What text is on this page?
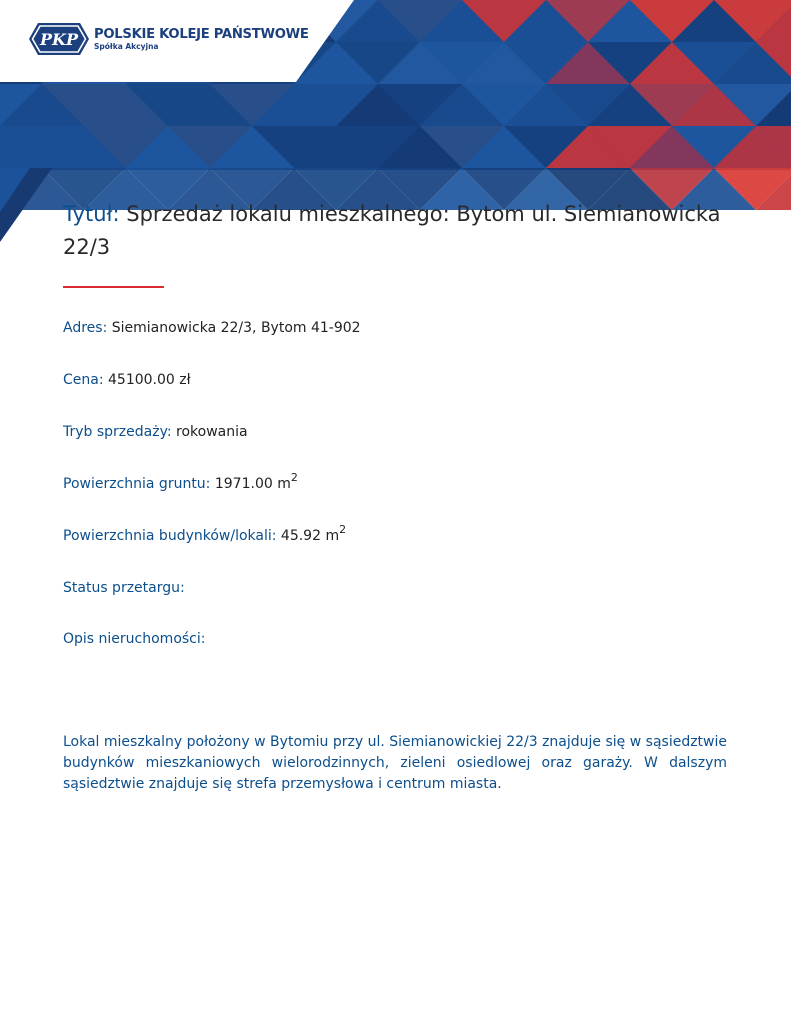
PKP POLSKIE KOLEJE PAŃSTWOWE
Spółka Akcyjna
Tytuł: Sprzedaż lokalu mieszkalnego: Bytom ul. Siemianowicka 22/3
Adres: Siemianowicka 22/3, Bytom 41-902
Cena: 45100.00 zł
Tryb sprzedaży: rokowania
Powierzchnia gruntu: 1971.00 $m^2$
Powierzchnia budynków/lokali: 45.92 $m^2$
Status przetargu:
Opis nieruchomości:

Lokal mieszkalny położony w Bytomiu przy ul. Siemianowickiej 22/3 znajduje się w sąsiedztwie budynków mieszkaniowych wielorodzinnych, zieleni osiedlowej oraz garaży. W dalszym sąsiedztwie znajduje się strefa przemysłowa i centrum miasta.
